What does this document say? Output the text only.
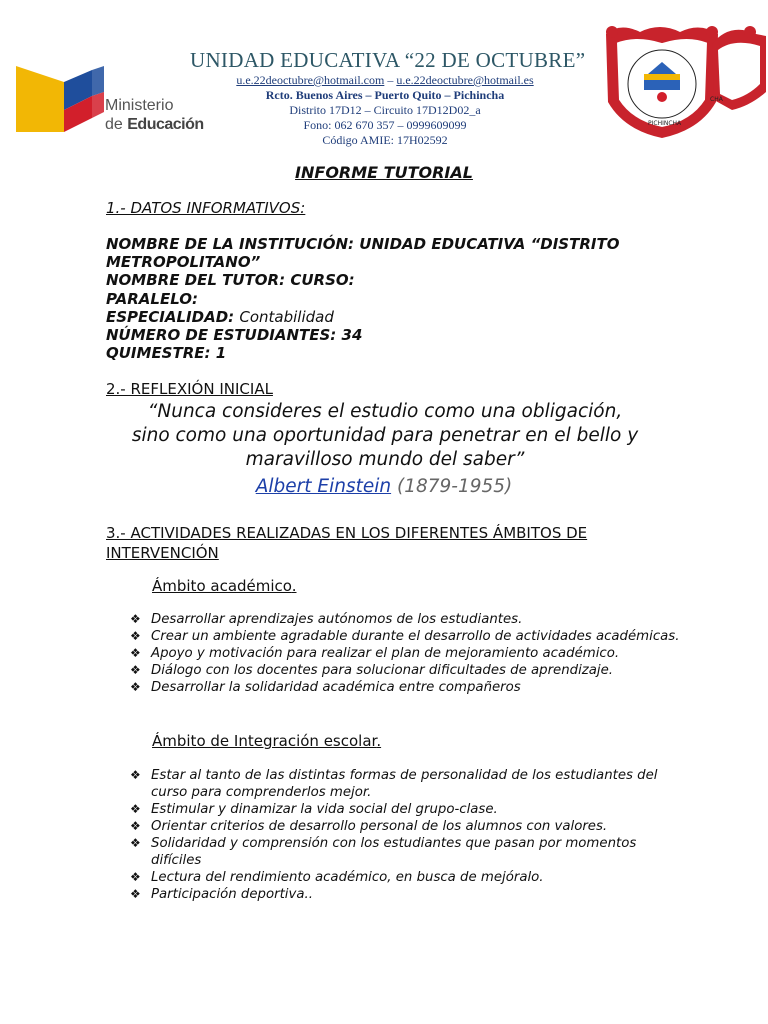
Ministerio
de Educación
UNIDAD EDUCATIVA “22 DE OCTUBRE”
u.e.22deoctubre@hotmail.com – u.e.22deoctubre@hotmail.es
Rcto. Buenos Aires – Puerto Quito – Pichincha
Distrito 17D12 – Circuito 17D12D02_a
Fono: 062 670 357 – 0999609099
Código AMIE: 17H02592
CHA
PICHINCHA
INFORME TUTORIAL
1.- DATOS INFORMATIVOS:
NOMBRE DE LA INSTITUCIÓN: UNIDAD EDUCATIVA “DISTRITO
METROPOLITANO”
NOMBRE DEL TUTOR: CURSO:
PARALELO:
ESPECIALIDAD: Contabilidad
NÚMERO DE ESTUDIANTES: 34
QUIMESTRE: 1
2.- REFLEXIÓN INICIAL
“Nunca consideres el estudio como una obligación,
sino como una oportunidad para penetrar en el bello y
maravilloso mundo del saber”
Albert Einstein (1879-1955)
3.- ACTIVIDADES REALIZADAS EN LOS DIFERENTES ÁMBITOS DE
INTERVENCIÓN
Ámbito académico.
❖ Desarrollar aprendizajes autónomos de los estudiantes.
❖ Crear un ambiente agradable durante el desarrollo de actividades académicas.
❖ Apoyo y motivación para realizar el plan de mejoramiento académico.
❖ Diálogo con los docentes para solucionar dificultades de aprendizaje.
❖ Desarrollar la solidaridad académica entre compañeros
Ámbito de Integración escolar.
❖ Estar al tanto de las distintas formas de personalidad de los estudiantes del curso para comprenderlos mejor.
❖ Estimular y dinamizar la vida social del grupo-clase.
❖ Orientar criterios de desarrollo personal de los alumnos con valores.
❖ Solidaridad y comprensión con los estudiantes que pasan por momentos difíciles
❖ Lectura del rendimiento académico, en busca de mejóralo.
❖ Participación deportiva..
